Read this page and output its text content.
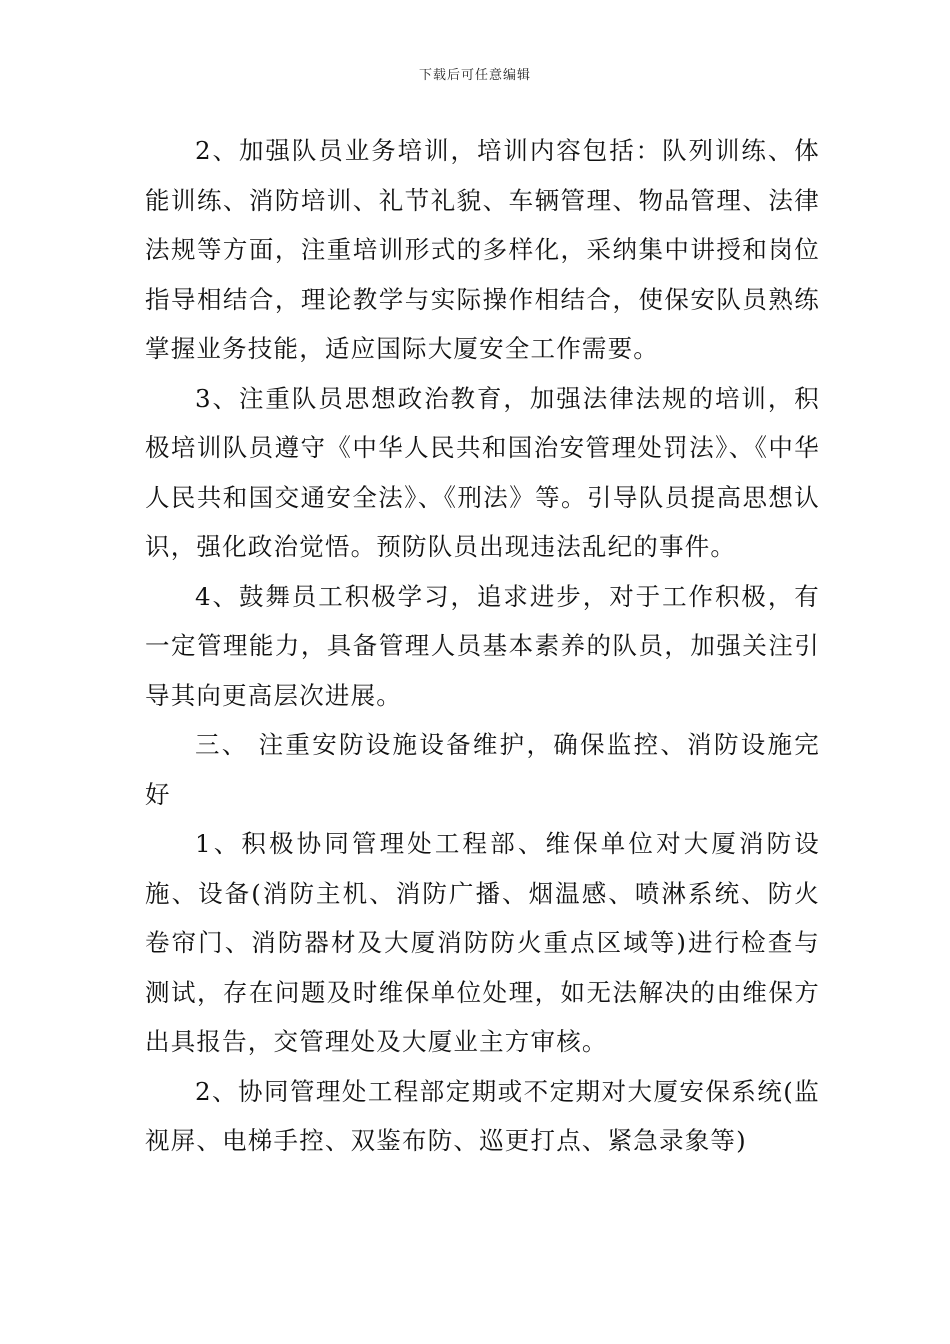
下载后可任意编辑

2、加强队员业务培训，培训内容包括：队列训练、体能训练、消防培训、礼节礼貌、车辆管理、物品管理、法律法规等方面，注重培训形式的多样化，采纳集中讲授和岗位指导相结合，理论教学与实际操作相结合，使保安队员熟练掌握业务技能，适应国际大厦安全工作需要。

3、注重队员思想政治教育，加强法律法规的培训，积极培训队员遵守《中华人民共和国治安管理处罚法》、《中华人民共和国交通安全法》、《刑法》等。引导队员提高思想认识，强化政治觉悟。预防队员出现违法乱纪的事件。

4、鼓舞员工积极学习，追求进步，对于工作积极，有一定管理能力，具备管理人员基本素养的队员，加强关注引导其向更高层次进展。

三、 注重安防设施设备维护，确保监控、消防设施完好

1、积极协同管理处工程部、维保单位对大厦消防设施、设备(消防主机、消防广播、烟温感、喷淋系统、防火卷帘门、消防器材及大厦消防防火重点区域等)进行检查与测试，存在问题及时维保单位处理，如无法解决的由维保方出具报告，交管理处及大厦业主方审核。

2、协同管理处工程部定期或不定期对大厦安保系统(监视屏、电梯手控、双鉴布防、巡更打点、紧急录象等)
